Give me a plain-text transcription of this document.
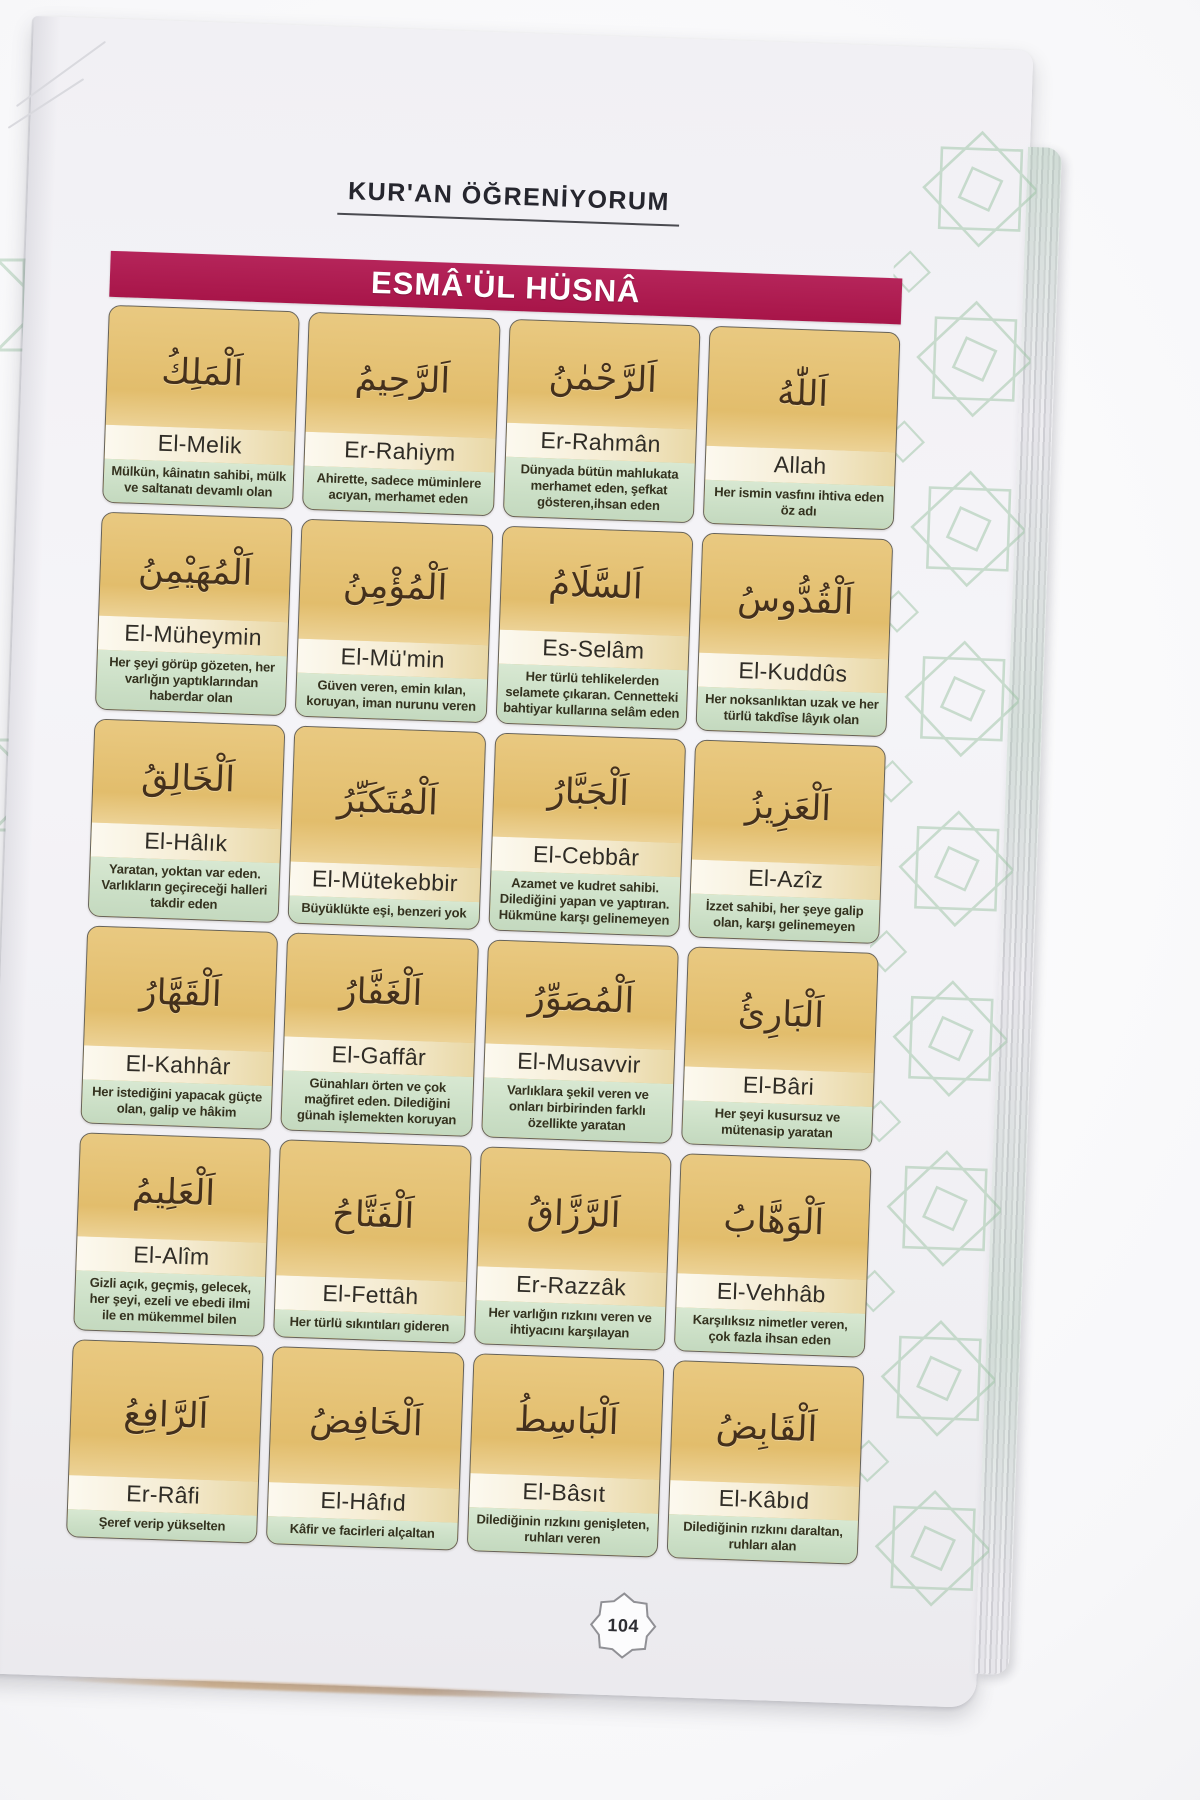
KUR'AN ÖĞRENİYORUM
ESMÂ'ÜL HÜSNÂ
اَلْمَلِكُ
El-Melik
Mülkün, kâinatın sahibi, mülk ve saltanatı devamlı olan
اَلرَّحِيمُ
Er-Rahiym
Ahirette, sadece müminlere acıyan, merhamet eden
اَلرَّحْمٰنُ
Er-Rahmân
Dünyada bütün mahlukata merhamet eden, şefkat gösteren,ihsan eden
اَللّٰهُ
Allah
Her ismin vasfını ihtiva eden öz adı
اَلْمُهَيْمِنُ
El-Müheymin
Her şeyi görüp gözeten, her varlığın yaptıklarından haberdar olan
اَلْمُؤْمِنُ
El-Mü'min
Güven veren, emin kılan, koruyan, iman nurunu veren
اَلسَّلَامُ
Es-Selâm
Her türlü tehlikelerden selamete çıkaran. Cennetteki bahtiyar kullarına selâm eden
اَلْقُدُّوسُ
El-Kuddûs
Her noksanlıktan uzak ve her türlü takdîse lâyık olan
اَلْخَالِقُ
El-Hâlık
Yaratan, yoktan var eden. Varlıkların geçireceği halleri takdir eden
اَلْمُتَكَبِّرُ
El-Mütekebbir
Büyüklükte eşi, benzeri yok
اَلْجَبَّارُ
El-Cebbâr
Azamet ve kudret sahibi. Dilediğini yapan ve yaptıran. Hükmüne karşı gelinemeyen
اَلْعَزِيزُ
El-Azîz
İzzet sahibi, her şeye galip olan, karşı gelinemeyen
اَلْقَهَّارُ
El-Kahhâr
Her istediğini yapacak güçte olan, galip ve hâkim
اَلْغَفَّارُ
El-Gaffâr
Günahları örten ve çok mağfiret eden. Dilediğini günah işlemekten koruyan
اَلْمُصَوِّرُ
El-Musavvir
Varlıklara şekil veren ve onları birbirinden farklı özellikte yaratan
اَلْبَارِئُ
El-Bâri
Her şeyi kusursuz ve mütenasip yaratan
اَلْعَلِيمُ
El-Alîm
Gizli açık, geçmiş, gelecek, her şeyi, ezeli ve ebedi ilmi ile en mükemmel bilen
اَلْفَتَّاحُ
El-Fettâh
Her türlü sıkıntıları gideren
اَلرَّزَّاقُ
Er-Razzâk
Her varlığın rızkını veren ve ihtiyacını karşılayan
اَلْوَهَّابُ
El-Vehhâb
Karşılıksız nimetler veren, çok fazla ihsan eden
اَلرَّافِعُ
Er-Râfi
Şeref verip yükselten
اَلْخَافِضُ
El-Hâfıd
Kâfir ve facirleri alçaltan
اَلْبَاسِطُ
El-Bâsıt
Dilediğinin rızkını genişleten, ruhları veren
اَلْقَابِضُ
El-Kâbıd
Dilediğinin rızkını daraltan, ruhları alan
104
